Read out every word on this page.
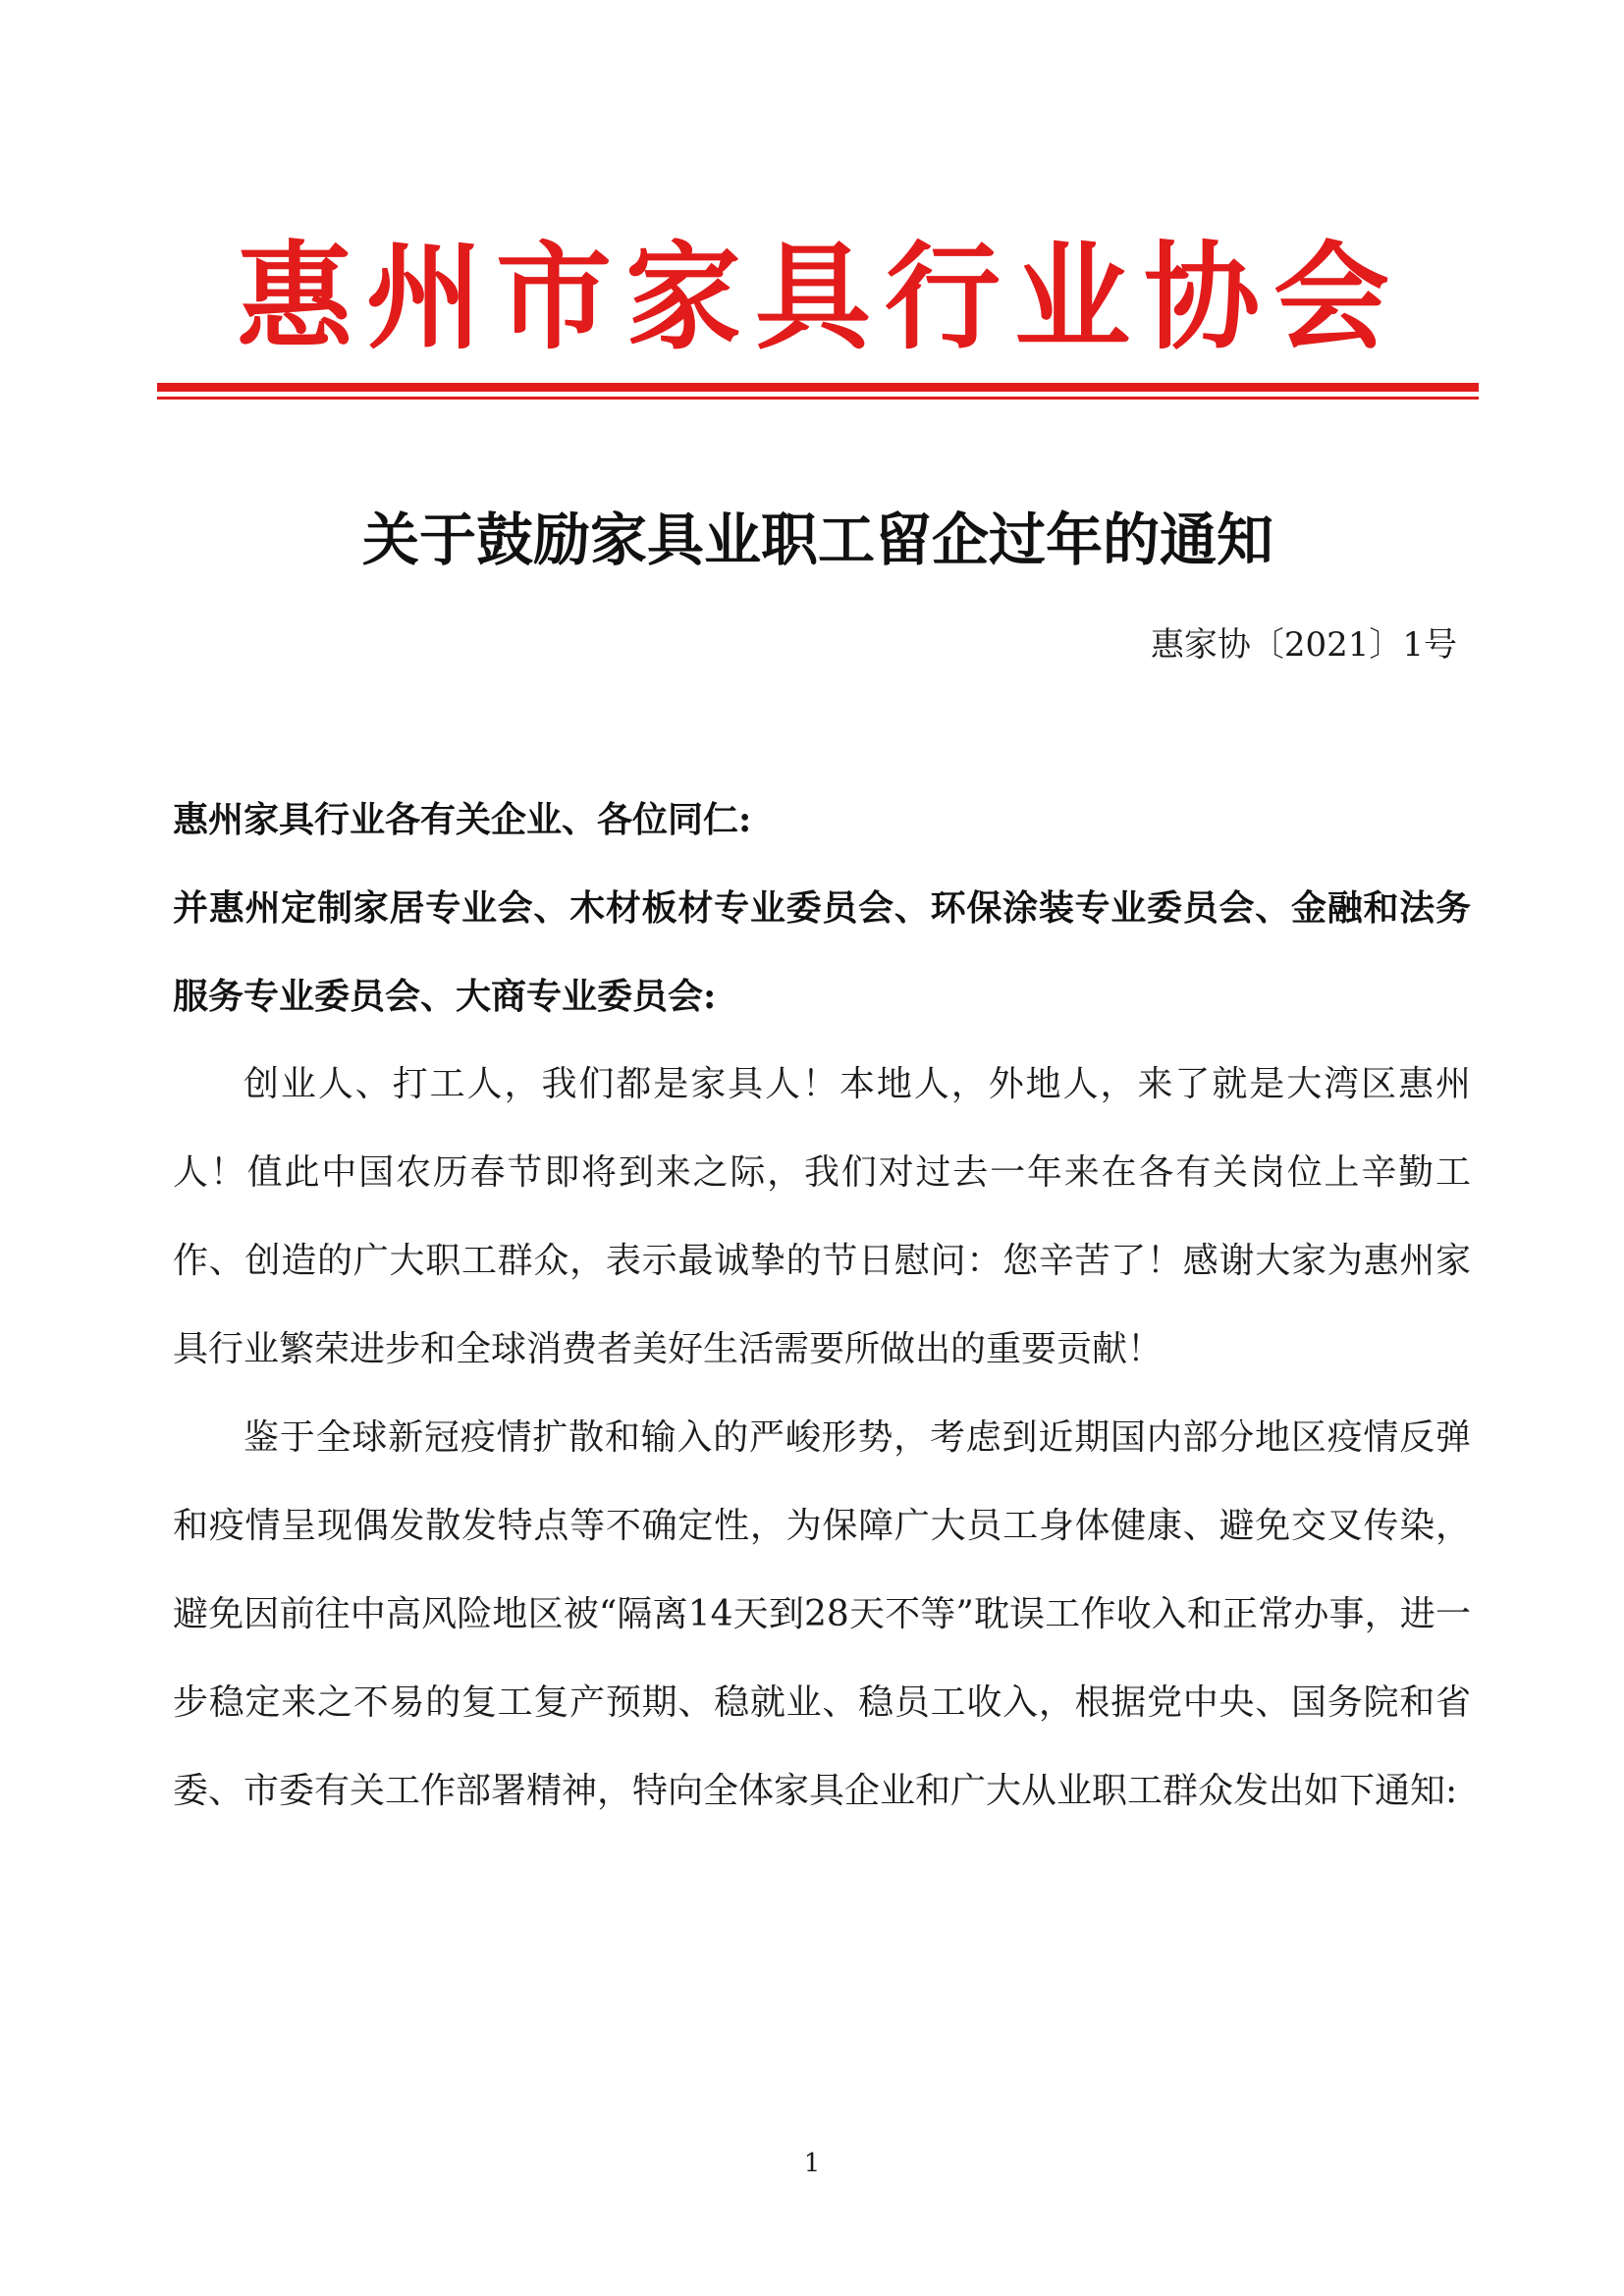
惠州市家具行业协会
关于鼓励家具业职工留企过年的通知
惠家协〔2021〕1号
惠州家具行业各有关企业、各位同仁:
并惠州定制家居专业会、木材板材专业委员会、环保涂装专业委员会、金融和法务服务专业委员会、大商专业委员会:
创业人、打工人，我们都是家具人！本地人，外地人，来了就是大湾区惠州人！值此中国农历春节即将到来之际，我们对过去一年来在各有关岗位上辛勤工作、创造的广大职工群众，表示最诚挚的节日慰问：您辛苦了！感谢大家为惠州家具行业繁荣进步和全球消费者美好生活需要所做出的重要贡献！
鉴于全球新冠疫情扩散和输入的严峻形势，考虑到近期国内部分地区疫情反弹和疫情呈现偶发散发特点等不确定性，为保障广大员工身体健康、避免交叉传染，避免因前往中高风险地区被“隔离14天到28天不等”耽误工作收入和正常办事，进一步稳定来之不易的复工复产预期、稳就业、稳员工收入，根据党中央、国务院和省委、市委有关工作部署精神，特向全体家具企业和广大从业职工群众发出如下通知:
1
